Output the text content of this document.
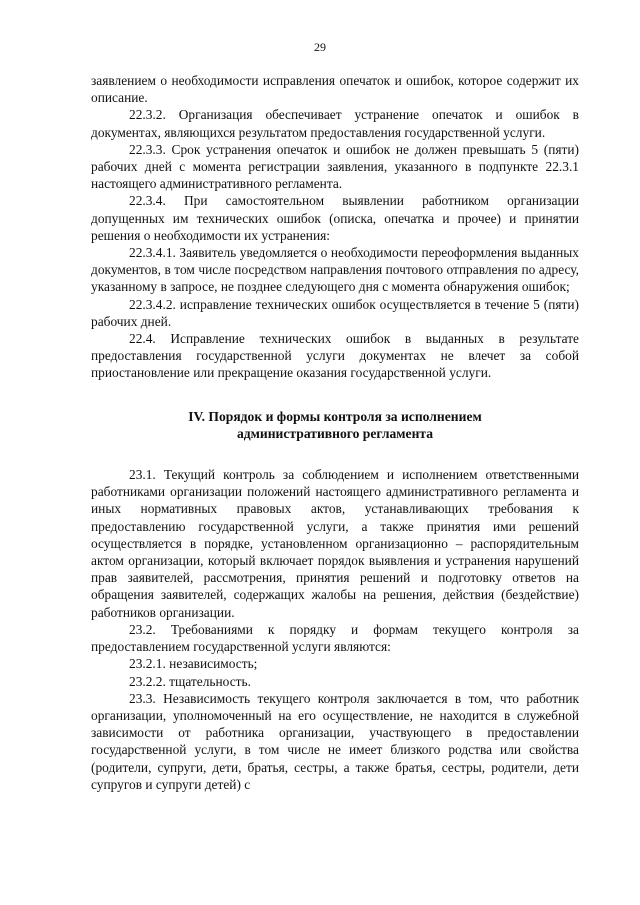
29

заявлением о необходимости исправления опечаток и ошибок, которое содержит их описание.

22.3.2. Организация обеспечивает устранение опечаток и ошибок в документах, являющихся результатом предоставления государственной услуги.

22.3.3. Срок устранения опечаток и ошибок не должен превышать 5 (пяти) рабочих дней с момента регистрации заявления, указанного в подпункте 22.3.1 настоящего административного регламента.

22.3.4. При самостоятельном выявлении работником организации допущенных им технических ошибок (описка, опечатка и прочее) и принятии решения о необходимости их устранения:

22.3.4.1. Заявитель уведомляется о необходимости переоформления выданных документов, в том числе посредством направления почтового отправления по адресу, указанному в запросе, не позднее следующего дня с момента обнаружения ошибок;

22.3.4.2. исправление технических ошибок осуществляется в течение 5 (пяти) рабочих дней.

22.4. Исправление технических ошибок в выданных в результате предоставления государственной услуги документах не влечет за собой приостановление или прекращение оказания государственной услуги.

IV. Порядок и формы контроля за исполнением
административного регламента

23.1. Текущий контроль за соблюдением и исполнением ответственными работниками организации положений настоящего административного регламента и иных нормативных правовых актов, устанавливающих требования к предоставлению государственной услуги, а также принятия ими решений осуществляется в порядке, установленном организационно – распорядительным актом организации, который включает порядок выявления и устранения нарушений прав заявителей, рассмотрения, принятия решений и подготовку ответов на обращения заявителей, содержащих жалобы на решения, действия (бездействие) работников организации.

23.2. Требованиями к порядку и формам текущего контроля за предоставлением государственной услуги являются:

23.2.1. независимость;

23.2.2. тщательность.

23.3. Независимость текущего контроля заключается в том, что работник организации, уполномоченный на его осуществление, не находится в служебной зависимости от работника организации, участвующего в предоставлении государственной услуги, в том числе не имеет близкого родства или свойства (родители, супруги, дети, братья, сестры, а также братья, сестры, родители, дети супругов и супруги детей) с
